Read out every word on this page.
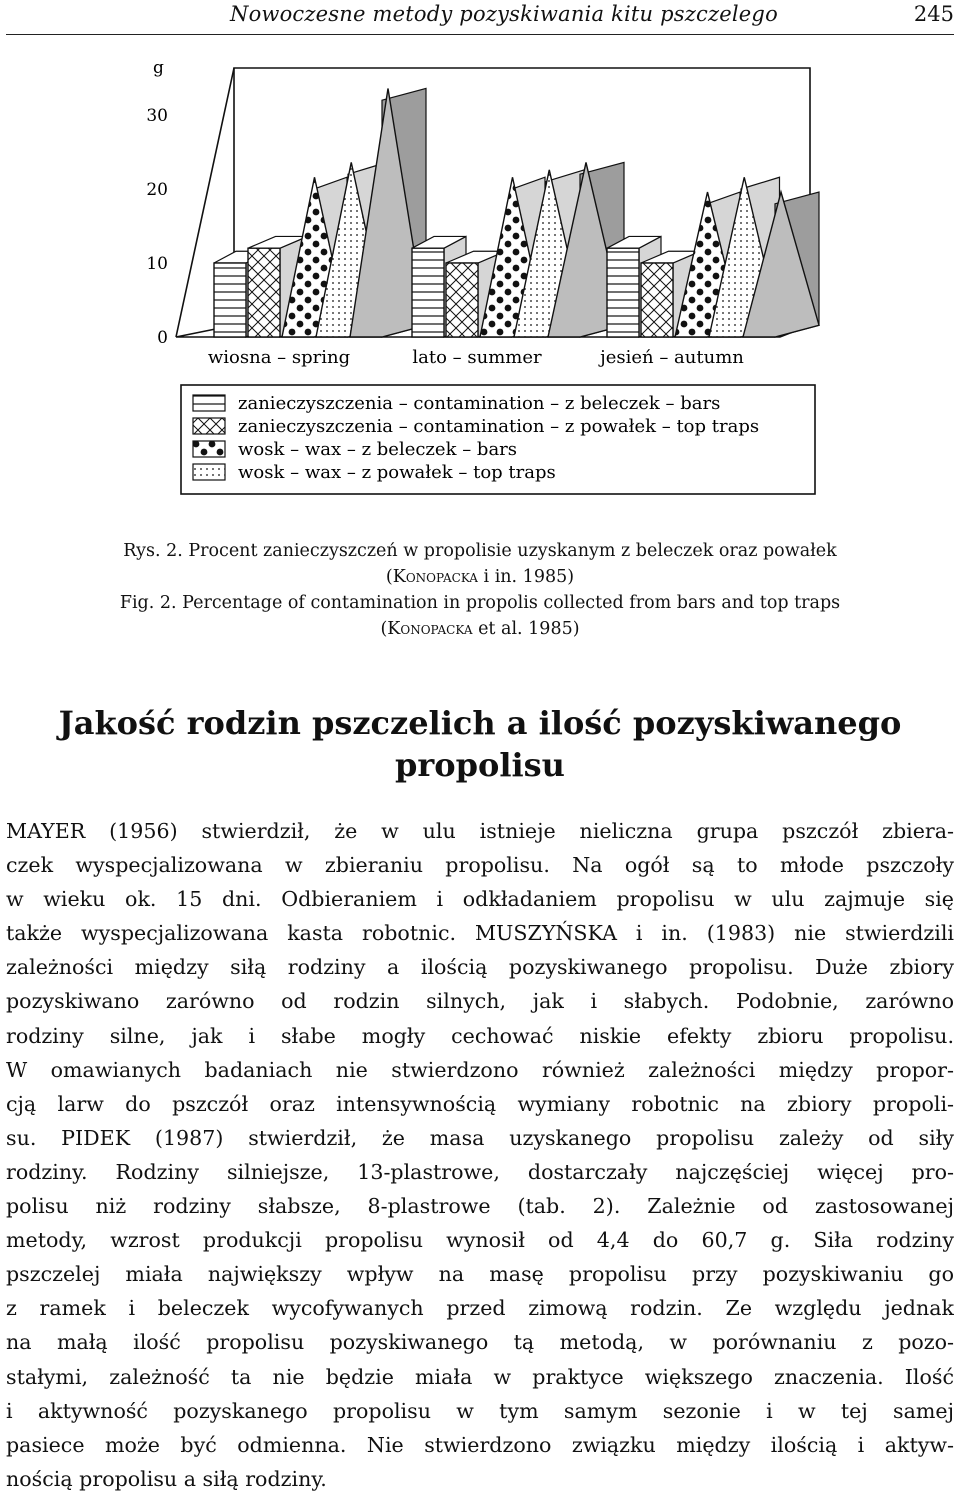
Nowoczesne metody pozyskiwania kitu pszczelego	245
g
0
10
20
30
wiosna – spring	lato – summer	jesień – autumn
zanieczyszczenia – contamination – z beleczek – bars
zanieczyszczenia – contamination – z powałek – top traps
wosk – wax – z beleczek – bars
wosk – wax – z powałek – top traps

Rys. 2. Procent zanieczyszczeń w propolisie uzyskanym z beleczek oraz powałek
(Konopacka i in. 1985)

Fig. 2. Percentage of contamination in propolis collected from bars and top traps
(Konopacka et al. 1985)

Jakość rodzin pszczelich a ilość pozyskiwanego
propolisu

MAYER (1956) stwierdził, że w ulu istnieje nieliczna grupa pszczół zbiera-
czek wyspecjalizowana w zbieraniu propolisu. Na ogół są to młode pszczoły
w wieku ok. 15 dni. Odbieraniem i odkładaniem propolisu w ulu zajmuje się
także wyspecjalizowana kasta robotnic. MUSZYŃSKA i in. (1983) nie stwierdzili
zależności między siłą rodziny a ilością pozyskiwanego propolisu. Duże zbiory
pozyskiwano zarówno od rodzin silnych, jak i słabych. Podobnie, zarówno
rodziny silne, jak i słabe mogły cechować niskie efekty zbioru propolisu.
W omawianych badaniach nie stwierdzono również zależności między propor-
cją larw do pszczół oraz intensywnością wymiany robotnic na zbiory propoli-
su. PIDEK (1987) stwierdził, że masa uzyskanego propolisu zależy od siły
rodziny. Rodziny silniejsze, 13-plastrowe, dostarczały najczęściej więcej pro-
polisu niż rodziny słabsze, 8-plastrowe (tab. 2). Zależnie od zastosowanej
metody, wzrost produkcji propolisu wynosił od 4,4 do 60,7 g. Siła rodziny
pszczelej miała największy wpływ na masę propolisu przy pozyskiwaniu go
z ramek i beleczek wycofywanych przed zimową rodzin. Ze względu jednak
na małą ilość propolisu pozyskiwanego tą metodą, w porównaniu z pozo-
stałymi, zależność ta nie będzie miała w praktyce większego znaczenia. Ilość
i aktywność pozyskanego propolisu w tym samym sezonie i w tej samej
pasiece może być odmienna. Nie stwierdzono związku między ilością i aktyw-
nością propolisu a siłą rodziny.
